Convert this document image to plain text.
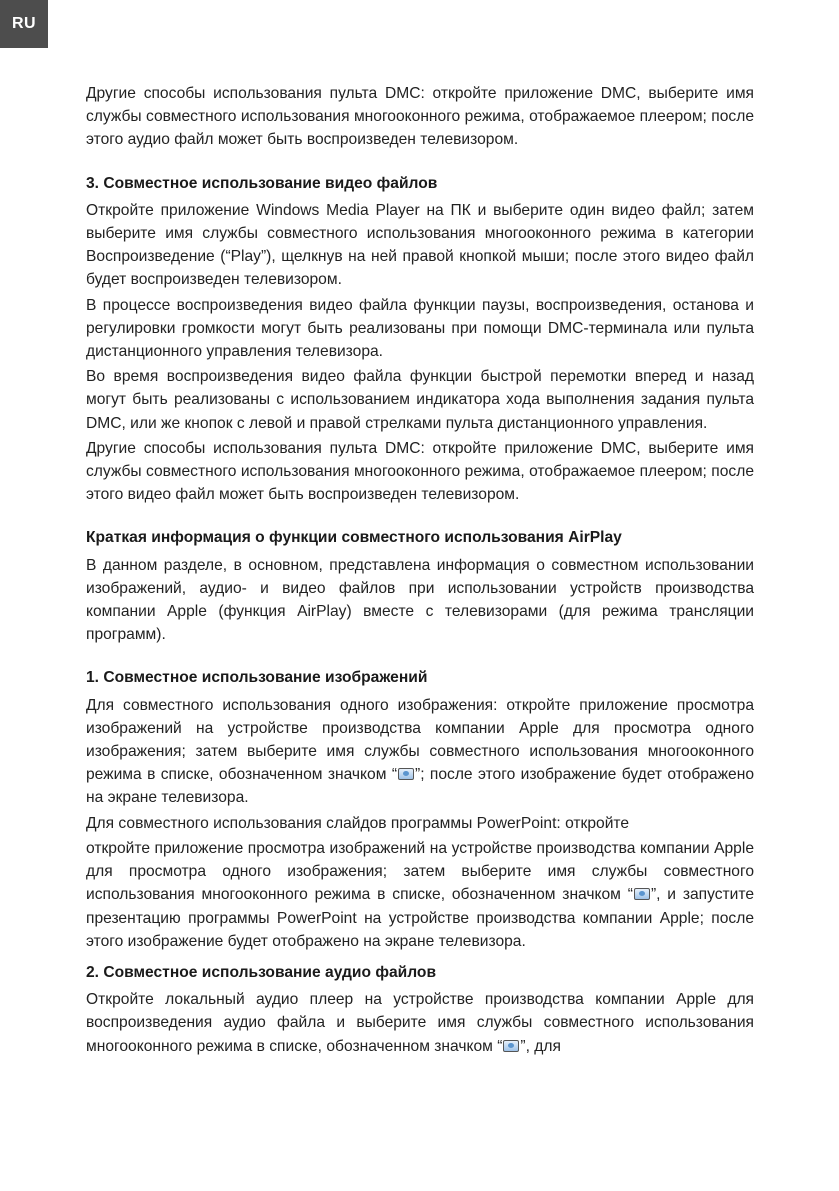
RU

Другие способы использования пульта DMC: откройте приложение DMC, выберите имя службы совместного использования многооконного режима, отображаемое плеером; после этого аудио файл может быть воспроизведен телевизором.

3. Совместное использование видео файлов

Откройте приложение Windows Media Player на ПК и выберите один видео файл; затем выберите имя службы совместного использования многооконного режима в категории Воспроизведение (“Play”), щелкнув на ней правой кнопкой мыши; после этого видео файл будет воспроизведен телевизором.

В процессе воспроизведения видео файла функции паузы, воспроизведения, останова и регулировки громкости могут быть реализованы при помощи DMC-терминала или пульта дистанционного управления телевизора.

Во время воспроизведения видео файла функции быстрой перемотки вперед и назад могут быть реализованы с использованием индикатора хода выполнения задания пульта DMC, или же кнопок с левой и правой стрелками пульта дистанционного управления.

Другие способы использования пульта DMC: откройте приложение DMC, выберите имя службы совместного использования многооконного режима, отображаемое плеером; после этого видео файл может быть воспроизведен телевизором.

Краткая информация о функции совместного использования AirPlay

В данном разделе, в основном, представлена информация о совместном использовании изображений, аудио- и видео файлов при использовании устройств производства компании Apple (функция AirPlay) вместе с телевизорами (для режима трансляции программ).

1. Совместное использование изображений

Для совместного использования одного изображения: откройте приложение просмотра изображений на устройстве производства компании Apple для просмотра одного изображения; затем выберите имя службы совместного использования многооконного режима в списке, обозначенном значком “ ”; после этого изображение будет отображено на экране телевизора.

Для совместного использования слайдов программы PowerPoint: откройте

откройте приложение просмотра изображений на устройстве производства компании Apple для просмотра одного изображения; затем выберите имя службы совместного использования многооконного режима в списке, обозначенном значком “ ”, и запустите презентацию программы PowerPoint на устройстве производства компании Apple; после этого изображение будет отображено на экране телевизора.

2. Совместное использование аудио файлов

Откройте локальный аудио плеер на устройстве производства компании Apple для воспроизведения аудио файла и выберите имя службы совместного использования многооконного режима в списке, обозначенном значком “ ”, для
